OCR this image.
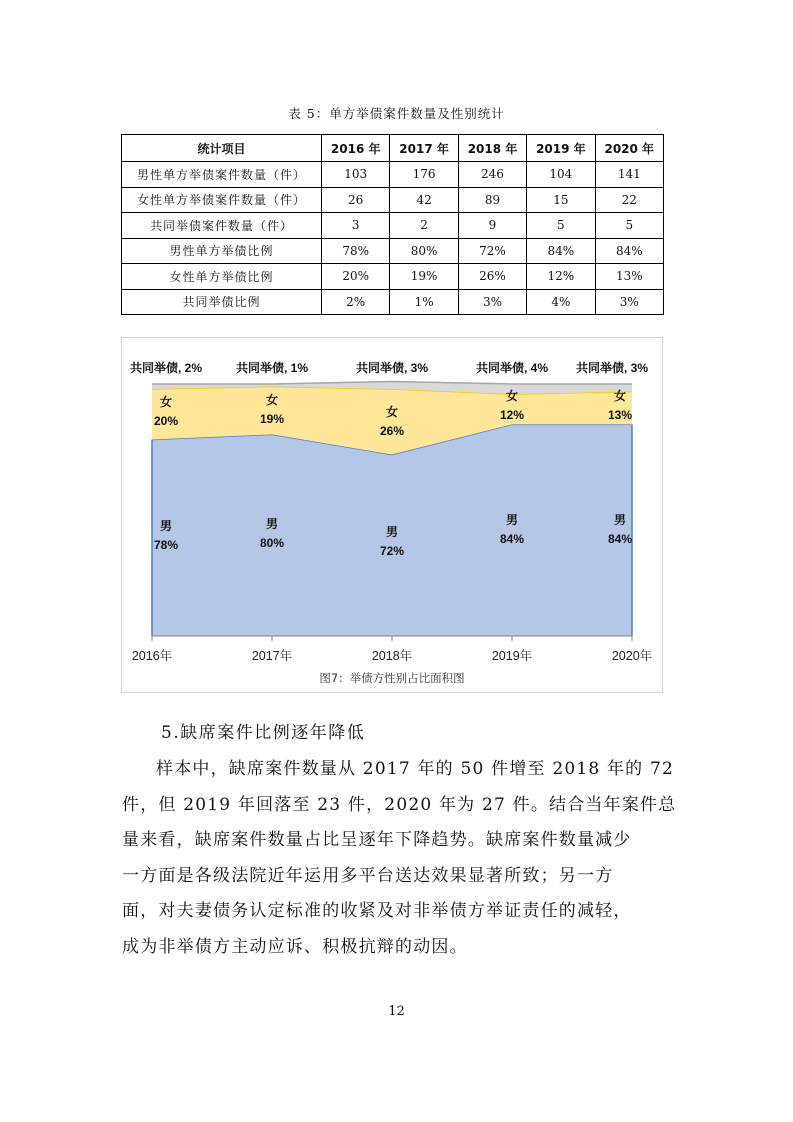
表 5：单方举债案件数量及性别统计
统计项目	2016 年	2017 年	2018 年	2019 年	2020 年
男性单方举债案件数量（件）	103	176	246	104	141
女性单方举债案件数量（件）	26	42	89	15	22
共同举债案件数量（件）	3	2	9	5	5
男性单方举债比例	78%	80%	72%	84%	84%
女性单方举债比例	20%	19%	26%	12%	13%
共同举债比例	2%	1%	3%	4%	3%
2016年	2017年	2018年	2019年	2020年
男 78%
男 80%
男 72%
男 84%
男 84%
女 20%
女 19%	女 26%
女 12%
女 13%
共同举债, 2%	共同举债, 1%	共同举债, 3%	共同举债, 4% 共同举债, 3%
图7：举债方性别占比面积图
5.缺席案件比例逐年降低
样本中，缺席案件数量从 2017 年的 50 件增至 2018 年的 72
件，但 2019 年回落至 23 件，2020 年为 27 件。结合当年案件总
量来看，缺席案件数量占比呈逐年下降趋势。缺席案件数量减少
一方面是各级法院近年运用多平台送达效果显著所致；另一方
面，对夫妻债务认定标准的收紧及对非举债方举证责任的减轻，
成为非举债方主动应诉、积极抗辩的动因。
12
